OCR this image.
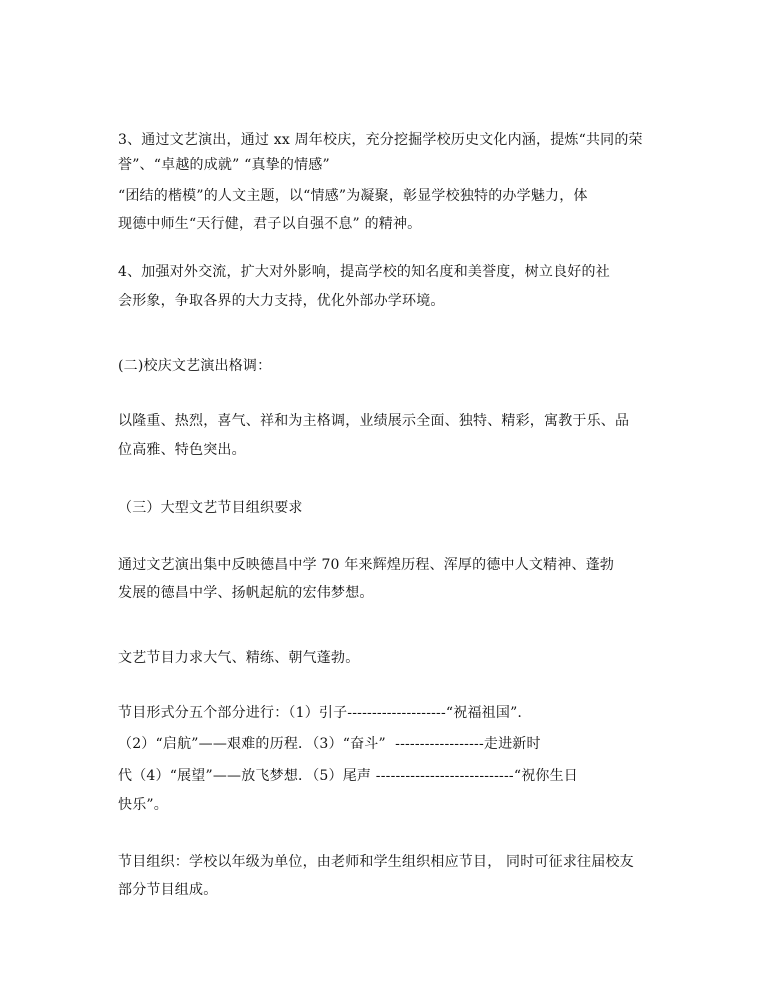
3、通过文艺演出，通过 xx 周年校庆，充分挖掘学校历史文化内涵，提炼“共同的荣
誉”、“卓越的成就” “真挚的情感”
“团结的楷模”的人文主题，以“情感”为凝聚，彰显学校独特的办学魅力，体
现德中师生“天行健，君子以自强不息” 的精神。
4、加强对外交流，扩大对外影响，提高学校的知名度和美誉度，树立良好的社
会形象，争取各界的大力支持，优化外部办学环境。
(二)校庆文艺演出格调：
以隆重、热烈，喜气、祥和为主格调，业绩展示全面、独特、精彩，寓教于乐、品
位高雅、特色突出。
（三）大型文艺节目组织要求
通过文艺演出集中反映德昌中学 70 年来辉煌历程、浑厚的德中人文精神、蓬勃
发展的德昌中学、扬帆起航的宏伟梦想。
文艺节目力求大气、精练、朝气蓬勃。
节目形式分五个部分进行：（1）引子--------------------“祝福祖国”.
（2）“启航”——艰难的历程．（3）“奋斗”  ------------------走进新时
代（4）“展望”——放飞梦想．（5）尾声 ----------------------------“祝你生日
快乐”。
节目组织：学校以年级为单位，由老师和学生组织相应节目， 同时可征求往届校友
部分节目组成。
